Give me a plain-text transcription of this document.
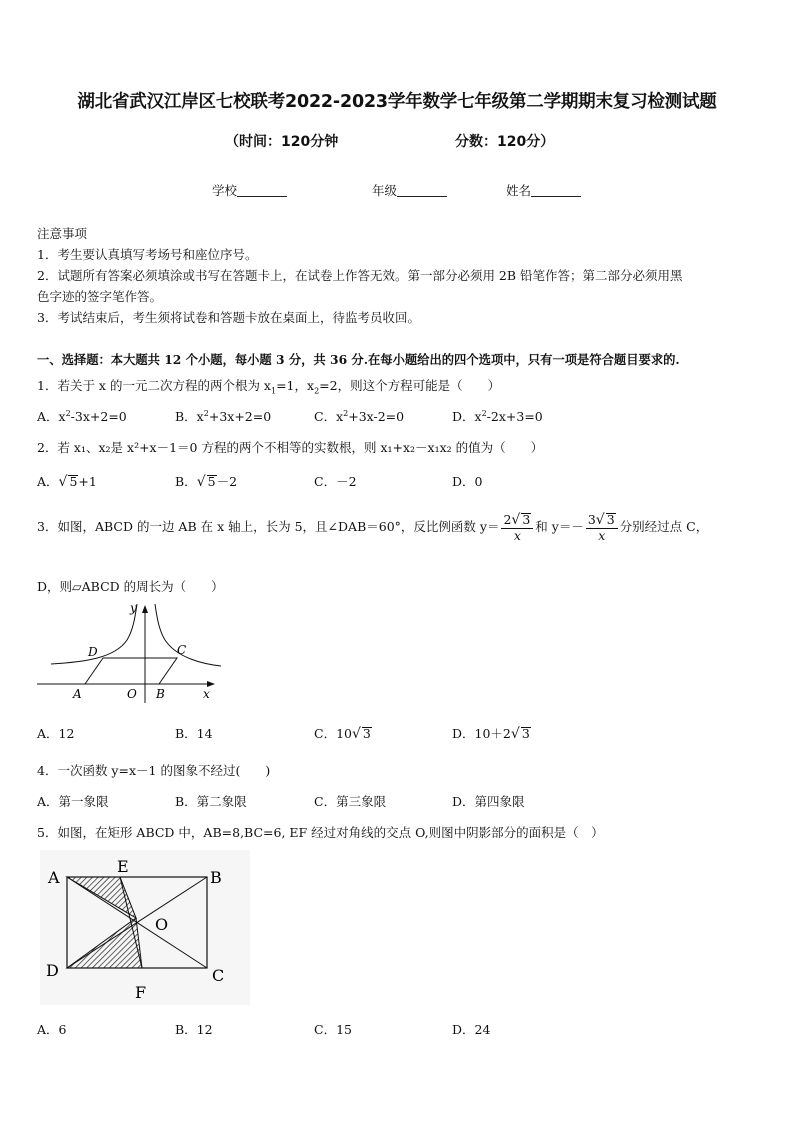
湖北省武汉江岸区七校联考2022-2023学年数学七年级第二学期期末复习检测试题
（时间：120分钟	分数：120分）
学校	年级	姓名
注意事项
1．考生要认真填写考场号和座位序号。
2．试题所有答案必须填涂或书写在答题卡上，在试卷上作答无效。第一部分必须用 2B 铅笔作答；第二部分必须用黑
色字迹的签字笔作答。
3．考试结束后，考生须将试卷和答题卡放在桌面上，待监考员收回。
一、选择题：本大题共 12 个小题，每小题 3 分，共 36 分.在每小题给出的四个选项中，只有一项是符合题目要求的.
1．若关于 x 的一元二次方程的两个根为 $x_1=1$，$x_2=2$，则这个方程可能是（　　）
A．$x^2-3x+2=0$	B．$x^2+3x+2=0$	C．$x^2+3x-2=0$	D．$x^2-2x+3=0$
2．若 x₁、x₂是 x²+x－1＝0 方程的两个不相等的实数根，则 x₁+x₂－x₁x₂ 的值为（　　）
A．√ 5+1	B．√ 5－2	C．－2	D．0
3．如图，ABCD 的一边 AB 在 x 轴上，长为 5，且∠DAB＝60°，反比例函数 $y= \frac{2√ 3}{x}$ 和 $y=- \frac{3√ 3}{x}$ 分别经过点 C，
D，则▱ABCD 的周长为（　　）
y
x
D	C
A	O B
A．12	B．14	C．10√ 3	D．10＋2√ 3
4．一次函数 y=x－1 的图象不经过(　　)
A．第一象限	B．第二象限	C．第三象限	D．第四象限
5．如图，在矩形 ABCD 中，AB=8,BC=6, EF 经过对角线的交点 O,则图中阴影部分的面积是（　）
A
E
B
O
D
F
C
A．6	B．12	C．15	D．24
